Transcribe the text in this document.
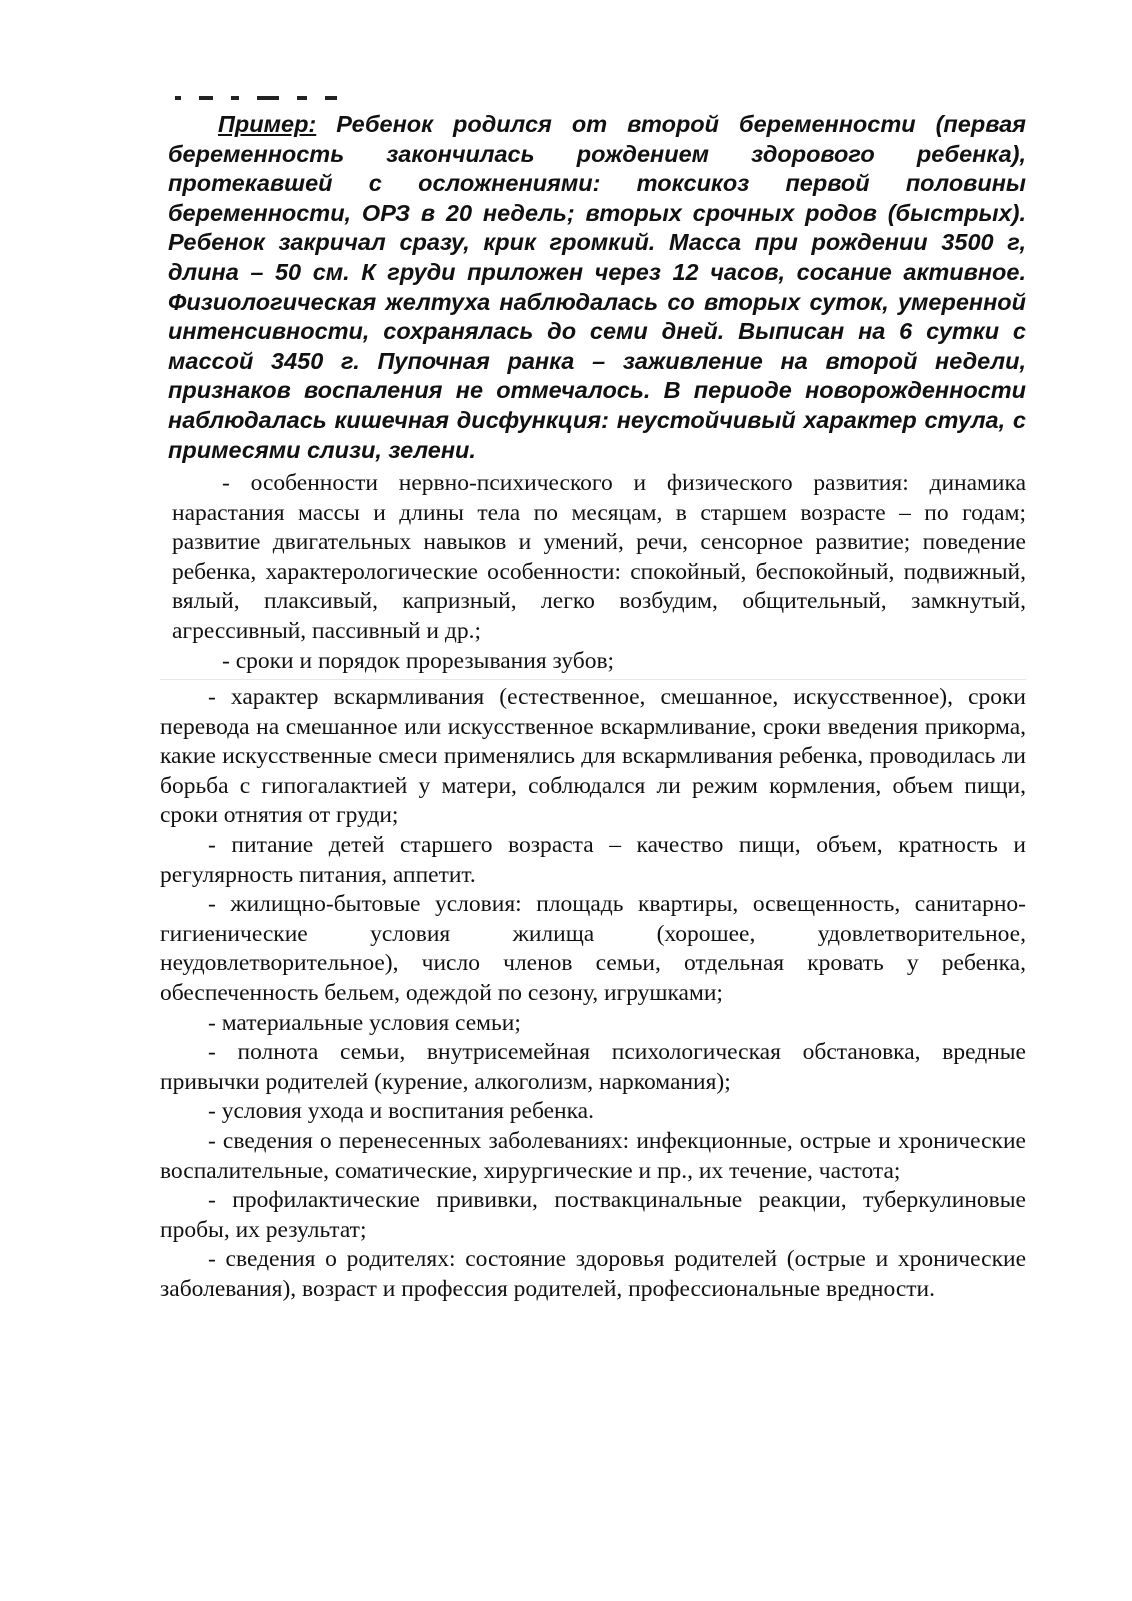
Пример: Ребенок родился от второй беременности (первая беременность закончилась рождением здорового ребенка), протекавшей с осложнениями: токсикоз первой половины беременности, ОРЗ в 20 недель; вторых срочных родов (быстрых). Ребенок закричал сразу, крик громкий. Масса при рождении 3500 г, длина – 50 см. К груди приложен через 12 часов, сосание активное. Физиологическая желтуха наблюдалась со вторых суток, умеренной интенсивности, сохранялась до семи дней. Выписан на 6 сутки с массой 3450 г. Пупочная ранка – заживление на второй недели, признаков воспаления не отмечалось. В периоде новорожденности наблюдалась кишечная дисфункция: неустойчивый характер стула, с примесями слизи, зелени.

- особенности нервно-психического и физического развития: динамика нарастания массы и длины тела по месяцам, в старшем возрасте – по годам; развитие двигательных навыков и умений, речи, сенсорное развитие; поведение ребенка, характерологические особенности: спокойный, беспокойный, подвижный, вялый, плаксивый, капризный, легко возбудим, общительный, замкнутый, агрессивный, пассивный и др.;

- сроки и порядок прорезывания зубов;

- характер вскармливания (естественное, смешанное, искусственное), сроки перевода на смешанное или искусственное вскармливание, сроки введения прикорма, какие искусственные смеси применялись для вскармливания ребенка, проводилась ли борьба с гипогалактией у матери, соблюдался ли режим кормления, объем пищи, сроки отнятия от груди;

- питание детей старшего возраста – качество пищи, объем, кратность и регулярность питания, аппетит.

- жилищно-бытовые условия: площадь квартиры, освещенность, санитарно-гигиенические условия жилища (хорошее, удовлетворительное, неудовлетворительное), число членов семьи, отдельная кровать у ребенка, обеспеченность бельем, одеждой по сезону, игрушками;

- материальные условия семьи;

- полнота семьи, внутрисемейная психологическая обстановка, вредные привычки родителей (курение, алкоголизм, наркомания);

- условия ухода и воспитания ребенка.

- сведения о перенесенных заболеваниях: инфекционные, острые и хронические воспалительные, соматические, хирургические и пр., их течение, частота;

- профилактические прививки, поствакцинальные реакции, туберкулиновые пробы, их результат;

- сведения о родителях: состояние здоровья родителей (острые и хронические заболевания), возраст и профессия родителей, профессиональные вредности.
